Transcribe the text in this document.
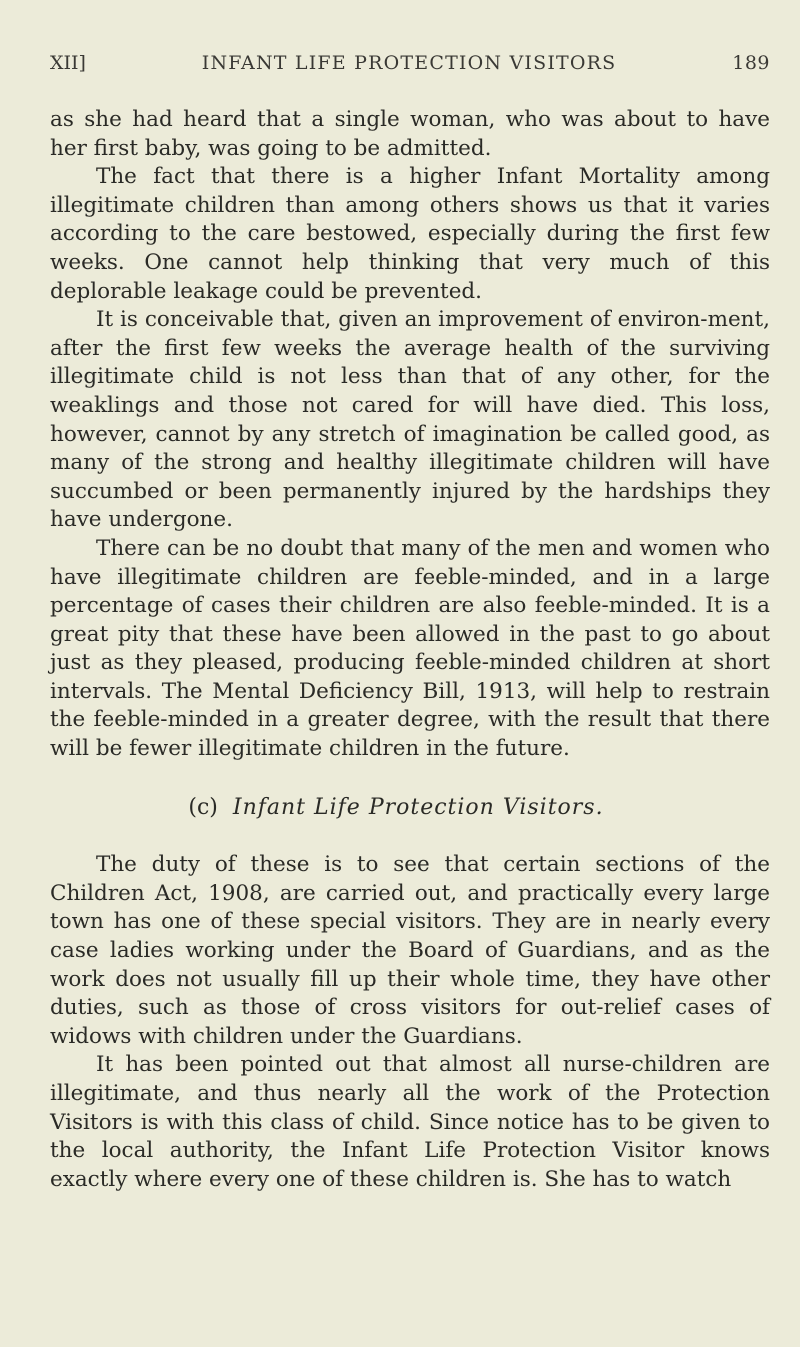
XII]	INFANT LIFE PROTECTION VISITORS	189

as she had heard that a single woman, who was about to have her first baby, was going to be admitted.

The fact that there is a higher Infant Mortality among illegitimate children than among others shows us that it varies according to the care bestowed, especially during the first few weeks. One cannot help thinking that very much of this deplorable leakage could be prevented.

It is conceivable that, given an improvement of environ-ment, after the first few weeks the average health of the surviving illegitimate child is not less than that of any other, for the weaklings and those not cared for will have died. This loss, however, cannot by any stretch of imagination be called good, as many of the strong and healthy illegitimate children will have succumbed or been permanently injured by the hardships they have undergone.

There can be no doubt that many of the men and women who have illegitimate children are feeble-minded, and in a large percentage of cases their children are also feeble-minded. It is a great pity that these have been allowed in the past to go about just as they pleased, producing feeble-minded children at short intervals. The Mental Deficiency Bill, 1913, will help to restrain the feeble-minded in a greater degree, with the result that there will be fewer illegitimate children in the future.

(c) Infant Life Protection Visitors.

The duty of these is to see that certain sections of the Children Act, 1908, are carried out, and practically every large town has one of these special visitors. They are in nearly every case ladies working under the Board of Guardians, and as the work does not usually fill up their whole time, they have other duties, such as those of cross visitors for out-relief cases of widows with children under the Guardians.

It has been pointed out that almost all nurse-children are illegitimate, and thus nearly all the work of the Protection Visitors is with this class of child. Since notice has to be given to the local authority, the Infant Life Protection Visitor knows exactly where every one of these children is. She has to watch
